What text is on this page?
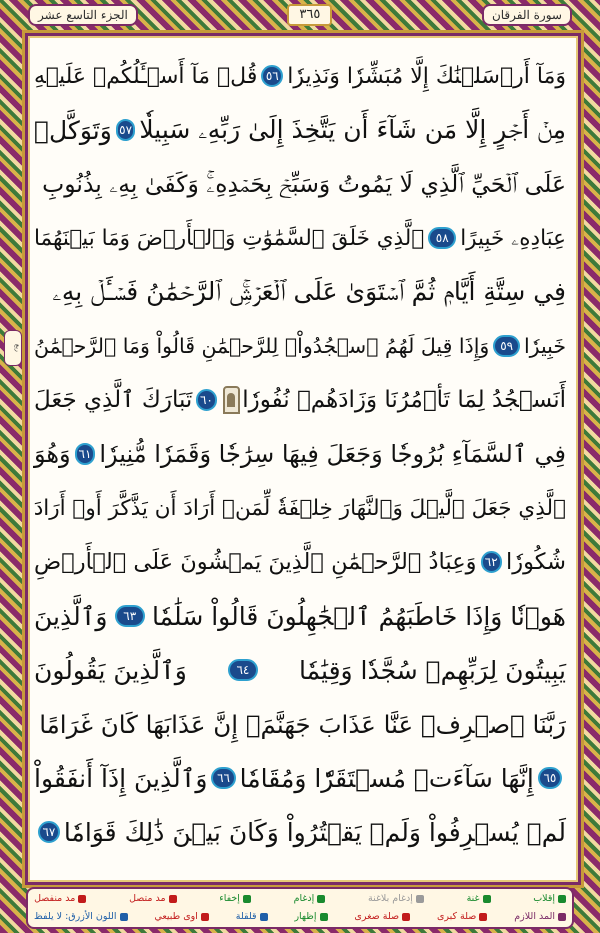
الجزء التاسع عشر	٣٦٥	سورة الفرقان
ربع
وَمَآ أَرۡسَلۡنَٰكَ إِلَّا مُبَشِّرٗا وَنَذِيرٗا
٥٦
قُلۡ مَآ أَسۡـَٔلُكُمۡ عَلَيۡهِ
مِنۡ أَجۡرٍ إِلَّا مَن شَآءَ أَن يَتَّخِذَ إِلَىٰ رَبِّهِۦ سَبِيلٗا
٥٧
وَتَوَكَّلۡ
عَلَى ٱلۡحَيِّ ٱلَّذِي لَا يَمُوتُ وَسَبِّحۡ بِحَمۡدِهِۦۚ وَكَفَىٰ بِهِۦ بِذُنُوبِ
عِبَادِهِۦ خَبِيرًا
٥٨
ٱلَّذِي خَلَقَ ٱلسَّمَٰوَٰتِ وَٱلۡأَرۡضَ وَمَا بَيۡنَهُمَا
فِي سِتَّةِ أَيَّامٖ ثُمَّ ٱسۡتَوَىٰ عَلَى ٱلۡعَرۡشِۚ ٱلرَّحۡمَٰنُ فَسۡـَٔلۡ بِهِۦ
خَبِيرٗا
٥٩
وَإِذَا قِيلَ لَهُمُ ٱسۡجُدُواْۤ لِلرَّحۡمَٰنِ قَالُواْ وَمَا ٱلرَّحۡمَٰنُ
أَنَسۡجُدُ لِمَا تَأۡمُرُنَا وَزَادَهُمۡ نُفُورٗا
٦٠
تَبَارَكَ ٱلَّذِي جَعَلَ
فِي ٱلسَّمَآءِ بُرُوجٗا وَجَعَلَ فِيهَا سِرَٰجٗا وَقَمَرٗا مُّنِيرٗا
٦١
وَهُوَ
ٱلَّذِي جَعَلَ ٱلَّيۡلَ وَٱلنَّهَارَ خِلۡفَةٗ لِّمَنۡ أَرَادَ أَن يَذَّكَّرَ أَوۡ أَرَادَ
شُكُورٗا
٦٢
وَعِبَادُ ٱلرَّحۡمَٰنِ ٱلَّذِينَ يَمۡشُونَ عَلَى ٱلۡأَرۡضِ
هَوۡنٗا وَإِذَا خَاطَبَهُمُ ٱلۡجَٰهِلُونَ قَالُواْ سَلَٰمٗا
٦٣
وَٱلَّذِينَ
يَبِيتُونَ لِرَبِّهِمۡ سُجَّدٗا وَقِيَٰمٗا
٦٤
وَٱلَّذِينَ يَقُولُونَ
رَبَّنَا ٱصۡرِفۡ عَنَّا عَذَابَ جَهَنَّمَۖ إِنَّ عَذَابَهَا كَانَ غَرَامًا
٦٥
إِنَّهَا سَآءَتۡ مُسۡتَقَرّٗا وَمُقَامٗا
٦٦
وَٱلَّذِينَ إِذَآ أَنفَقُواْ
لَمۡ يُسۡرِفُواْ وَلَمۡ يَقۡتُرُواْ وَكَانَ بَيۡنَ ذَٰلِكَ قَوَامٗا
٦٧
إقلاب
غنة
إدغام بلاغنة
إدغام
إخفاء
مد متصل
مد منفصل
المد اللازم
صلة كبرى
صلة صغرى
إظهار
قلقلة
اوى طبيعي
اللون الأزرق: لا يلفظ
